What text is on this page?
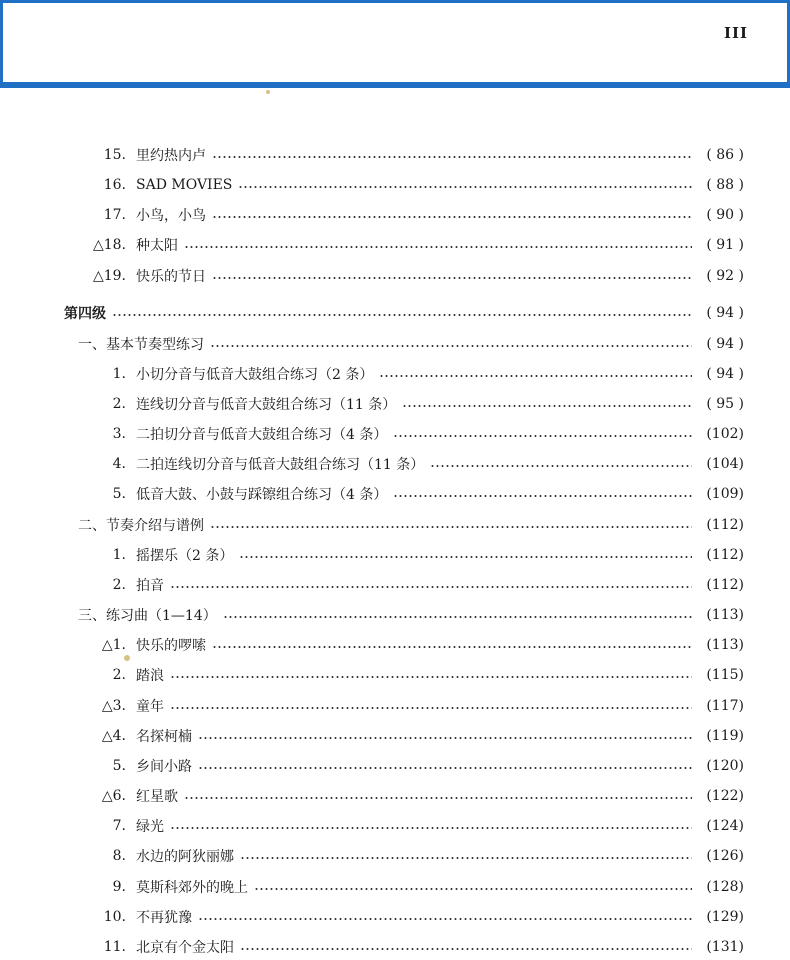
III
15. 里约热内卢	( 86 )
16. SAD MOVIES	( 88 )
17. 小鸟，小鸟	( 90 )
△18. 种太阳	( 91 )
△19. 快乐的节日	( 92 )
第四级	( 94 )
一、基本节奏型练习	( 94 )
1. 小切分音与低音大鼓组合练习（2 条）	( 94 )
2. 连线切分音与低音大鼓组合练习（11 条）	( 95 )
3. 二拍切分音与低音大鼓组合练习（4 条）	(102)
4. 二拍连线切分音与低音大鼓组合练习（11 条）	(104)
5. 低音大鼓、小鼓与踩镲组合练习（4 条）	(109)
二、节奏介绍与谱例	(112)
1. 摇摆乐（2 条）	(112)
2. 拍音	(112)
三、练习曲（1—14）	(113)
△1. 快乐的啰嗦	(113)
2. 踏浪	(115)
△3. 童年	(117)
△4. 名探柯楠	(119)
5. 乡间小路	(120)
△6. 红星歌	(122)
7. 绿光	(124)
8. 水边的阿狄丽娜	(126)
9. 莫斯科郊外的晚上	(128)
10. 不再犹豫	(129)
11. 北京有个金太阳	(131)
